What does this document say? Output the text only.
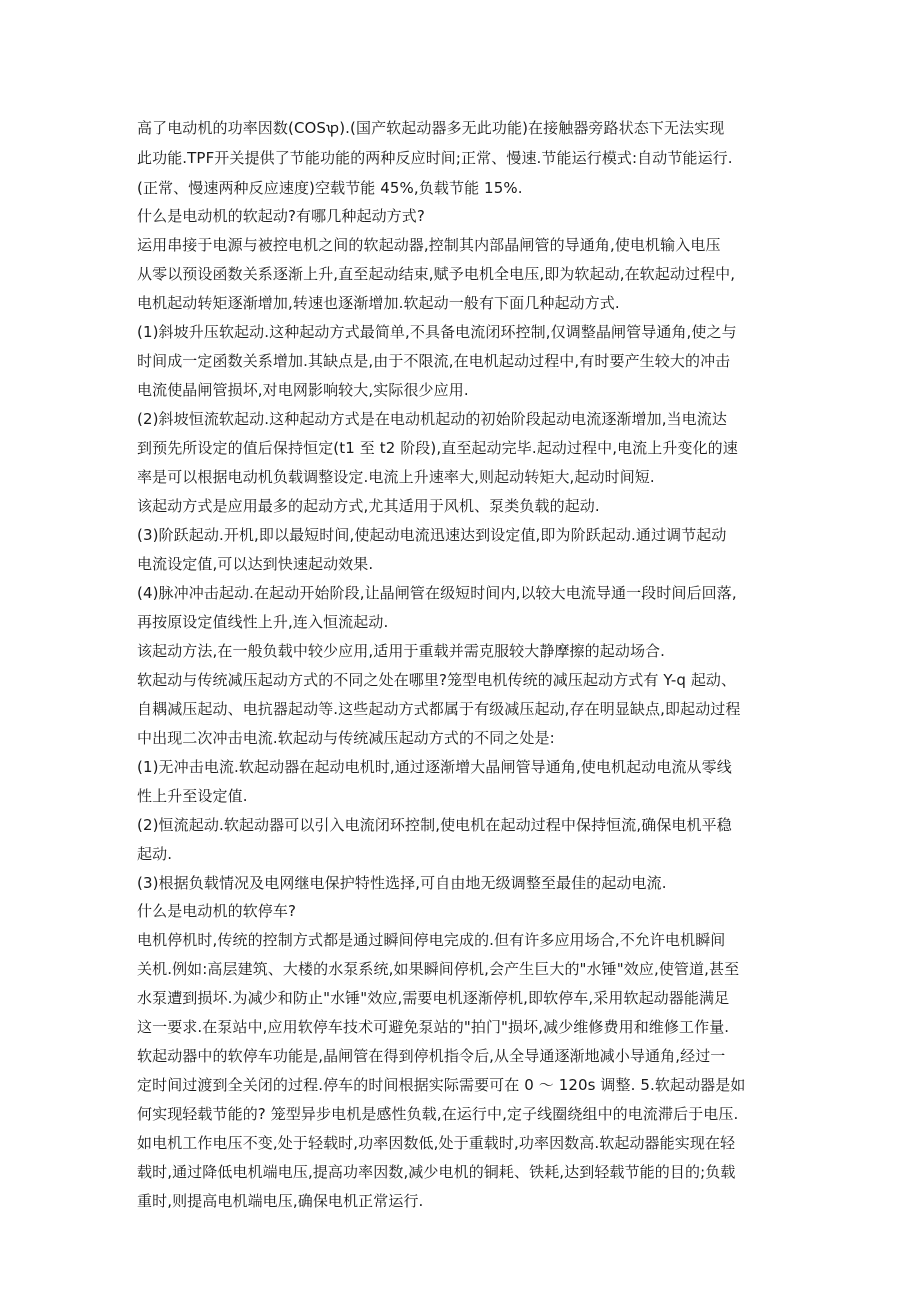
高了电动机的功率因数(COSꝕ).(国产软起动器多无此功能)在接触器旁路状态下无法实现

此功能.TPF开关提供了节能功能的两种反应时间;正常、慢速.节能运行模式:自动节能运行.

(正常、慢速两种反应速度)空载节能 45%,负载节能 15%.

什么是电动机的软起动?有哪几种起动方式?

运用串接于电源与被控电机之间的软起动器,控制其内部晶闸管的导通角,使电机输入电压

从零以预设函数关系逐渐上升,直至起动结束,赋予电机全电压,即为软起动,在软起动过程中,

电机起动转矩逐渐增加,转速也逐渐增加.软起动一般有下面几种起动方式.

(1)斜坡升压软起动.这种起动方式最简单,不具备电流闭环控制,仅调整晶闸管导通角,使之与

时间成一定函数关系增加.其缺点是,由于不限流,在电机起动过程中,有时要产生较大的冲击

电流使晶闸管损坏,对电网影响较大,实际很少应用.

(2)斜坡恒流软起动.这种起动方式是在电动机起动的初始阶段起动电流逐渐增加,当电流达

到预先所设定的值后保持恒定(t1 至 t2 阶段),直至起动完毕.起动过程中,电流上升变化的速

率是可以根据电动机负载调整设定.电流上升速率大,则起动转矩大,起动时间短.

该起动方式是应用最多的起动方式,尤其适用于风机、泵类负载的起动.

(3)阶跃起动.开机,即以最短时间,使起动电流迅速达到设定值,即为阶跃起动.通过调节起动

电流设定值,可以达到快速起动效果.

(4)脉冲冲击起动.在起动开始阶段,让晶闸管在级短时间内,以较大电流导通一段时间后回落,

再按原设定值线性上升,连入恒流起动.

该起动方法,在一般负载中较少应用,适用于重载并需克服较大静摩擦的起动场合.

软起动与传统减压起动方式的不同之处在哪里?笼型电机传统的减压起动方式有 Y-q 起动、

自耦减压起动、电抗器起动等.这些起动方式都属于有级减压起动,存在明显缺点,即起动过程

中出现二次冲击电流.软起动与传统减压起动方式的不同之处是:

(1)无冲击电流.软起动器在起动电机时,通过逐渐增大晶闸管导通角,使电机起动电流从零线

性上升至设定值.

(2)恒流起动.软起动器可以引入电流闭环控制,使电机在起动过程中保持恒流,确保电机平稳

起动.

(3)根据负载情况及电网继电保护特性选择,可自由地无级调整至最佳的起动电流.

什么是电动机的软停车?

电机停机时,传统的控制方式都是通过瞬间停电完成的.但有许多应用场合,不允许电机瞬间

关机.例如:高层建筑、大楼的水泵系统,如果瞬间停机,会产生巨大的"水锤"效应,使管道,甚至

水泵遭到损坏.为减少和防止"水锤"效应,需要电机逐渐停机,即软停车,采用软起动器能满足

这一要求.在泵站中,应用软停车技术可避免泵站的"拍门"损坏,减少维修费用和维修工作量.

软起动器中的软停车功能是,晶闸管在得到停机指令后,从全导通逐渐地减小导通角,经过一

定时间过渡到全关闭的过程.停车的时间根据实际需要可在 0 ～ 120s 调整. 5.软起动器是如

何实现轻载节能的? 笼型异步电机是感性负载,在运行中,定子线圈绕组中的电流滞后于电压.

如电机工作电压不变,处于轻载时,功率因数低,处于重载时,功率因数高.软起动器能实现在轻

载时,通过降低电机端电压,提高功率因数,减少电机的铜耗、铁耗,达到轻载节能的目的;负载

重时,则提高电机端电压,确保电机正常运行.
